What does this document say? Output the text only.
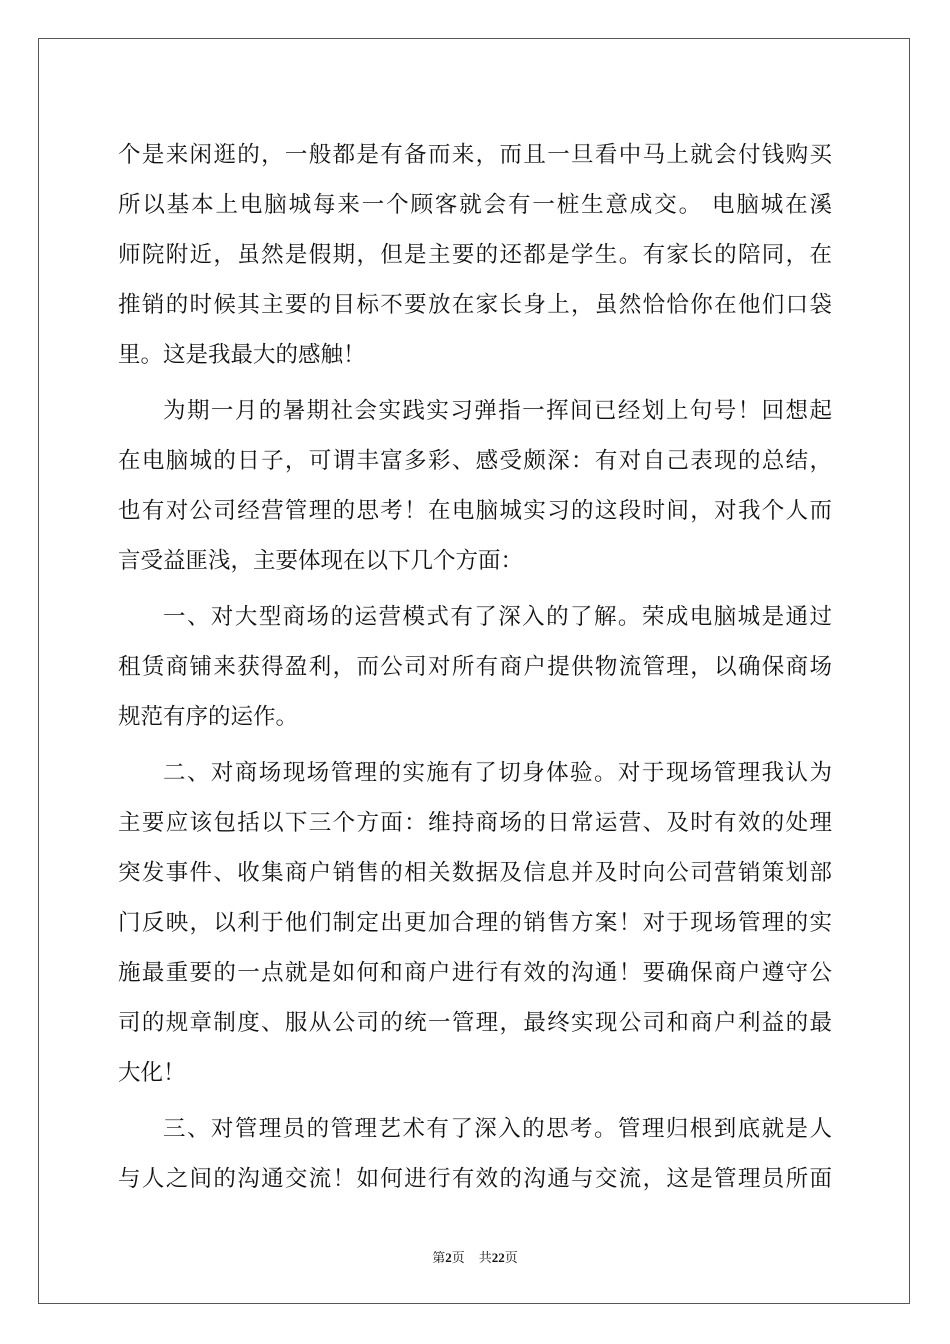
个是来闲逛的，一般都是有备而来，而且一旦看中马上就会付钱购买
所以基本上电脑城每来一个顾客就会有一桩生意成交。 电脑城在溪
师院附近，虽然是假期，但是主要的还都是学生。有家长的陪同，在
推销的时候其主要的目标不要放在家长身上，虽然恰恰你在他们口袋
里。这是我最大的感触！
为期一月的暑期社会实践实习弹指一挥间已经划上句号！回想起
在电脑城的日子，可谓丰富多彩、感受颇深：有对自己表现的总结，
也有对公司经营管理的思考！在电脑城实习的这段时间，对我个人而
言受益匪浅，主要体现在以下几个方面：
一、对大型商场的运营模式有了深入的了解。荣成电脑城是通过
租赁商铺来获得盈利，而公司对所有商户提供物流管理，以确保商场
规范有序的运作。
二、对商场现场管理的实施有了切身体验。对于现场管理我认为
主要应该包括以下三个方面：维持商场的日常运营、及时有效的处理
突发事件、收集商户销售的相关数据及信息并及时向公司营销策划部
门反映，以利于他们制定出更加合理的销售方案！对于现场管理的实
施最重要的一点就是如何和商户进行有效的沟通！要确保商户遵守公
司的规章制度、服从公司的统一管理，最终实现公司和商户利益的最
大化！
三、对管理员的管理艺术有了深入的思考。管理归根到底就是人
与人之间的沟通交流！如何进行有效的沟通与交流，这是管理员所面
第2页 共22页
